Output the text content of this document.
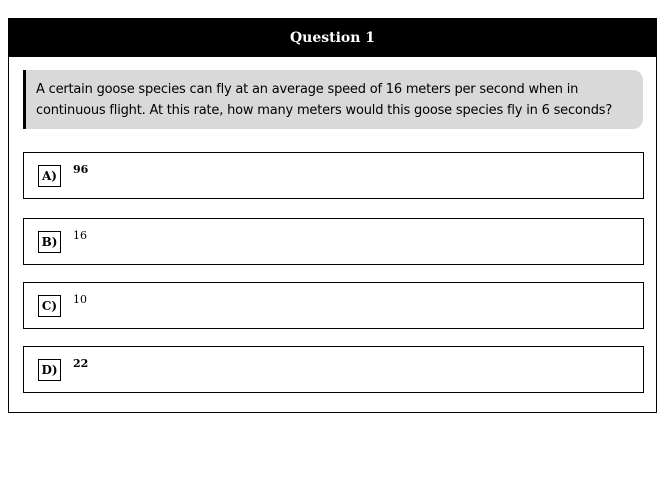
Question 1
A certain goose species can fly at an average speed of 16 meters per second when in continuous flight. At this rate, how many meters would this goose species fly in 6 seconds?
A)	96
B)	16
C)	10
D)	22
